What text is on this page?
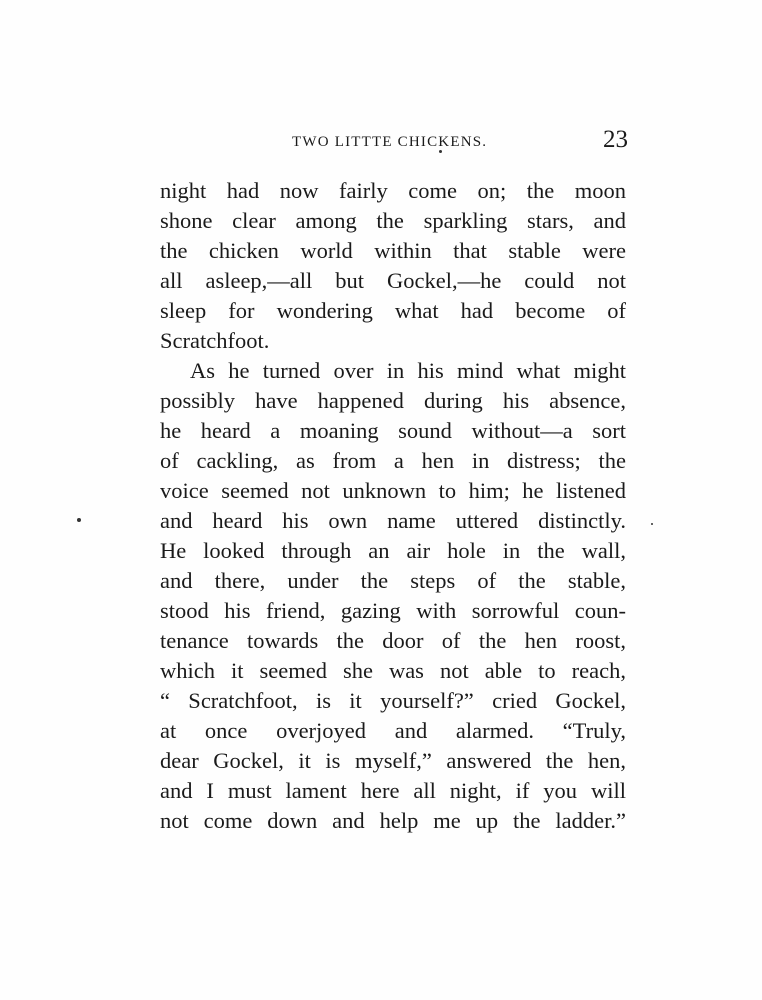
TWO LITTTE CHICKENS.	23
night had now fairly come on; the moon
shone clear among the sparkling stars, and
the chicken world within that stable were
all asleep,—all but Gockel,—he could not
sleep for wondering what had become of
Scratchfoot.
As he turned over in his mind what might
possibly have happened during his absence,
he heard a moaning sound without—a sort
of cackling, as from a hen in distress; the
voice seemed not unknown to him; he listened
and heard his own name uttered distinctly.
He looked through an air hole in the wall,
and there, under the steps of the stable,
stood his friend, gazing with sorrowful coun-
tenance towards the door of the hen roost,
which it seemed she was not able to reach,
“ Scratchfoot, is it yourself?” cried Gockel,
at once overjoyed and alarmed. “Truly,
dear Gockel, it is myself,” answered the hen,
and I must lament here all night, if you will
not come down and help me up the ladder.”
